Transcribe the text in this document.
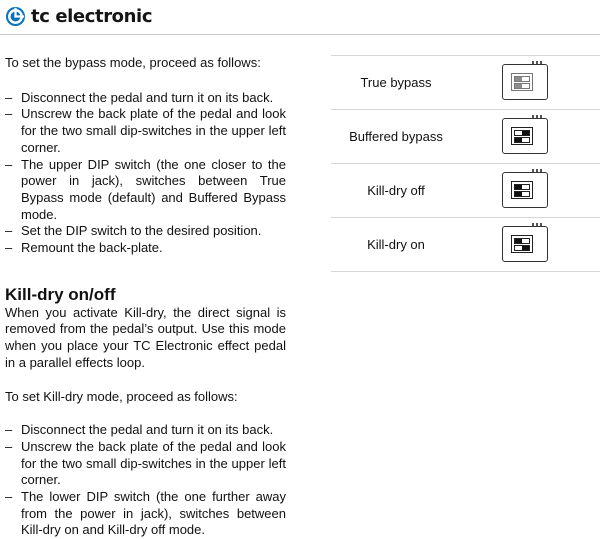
tc electronic

To set the bypass mode, proceed as follows:

– Disconnect the pedal and turn it on its back.
– Unscrew the back plate of the pedal and look for the two small dip-switches in the upper left corner.
– The upper DIP switch (the one closer to the power in jack), switches between True Bypass mode (default) and Buffered Bypass mode.
– Set the DIP switch to the desired position.
– Remount the back-plate.
Kill-dry on/off

When you activate Kill-dry, the direct signal is removed from the pedal’s output. Use this mode when you place your TC Electronic effect pedal in a parallel effects loop.

To set Kill-dry mode, proceed as follows:

– Disconnect the pedal and turn it on its back.
– Unscrew the back plate of the pedal and look for the two small dip-switches in the upper left corner.
– The lower DIP switch (the one further away from the power in jack), switches between Kill-dry on and Kill-dry off mode.
True bypass
Buffered bypass
Kill-dry off
Kill-dry on
